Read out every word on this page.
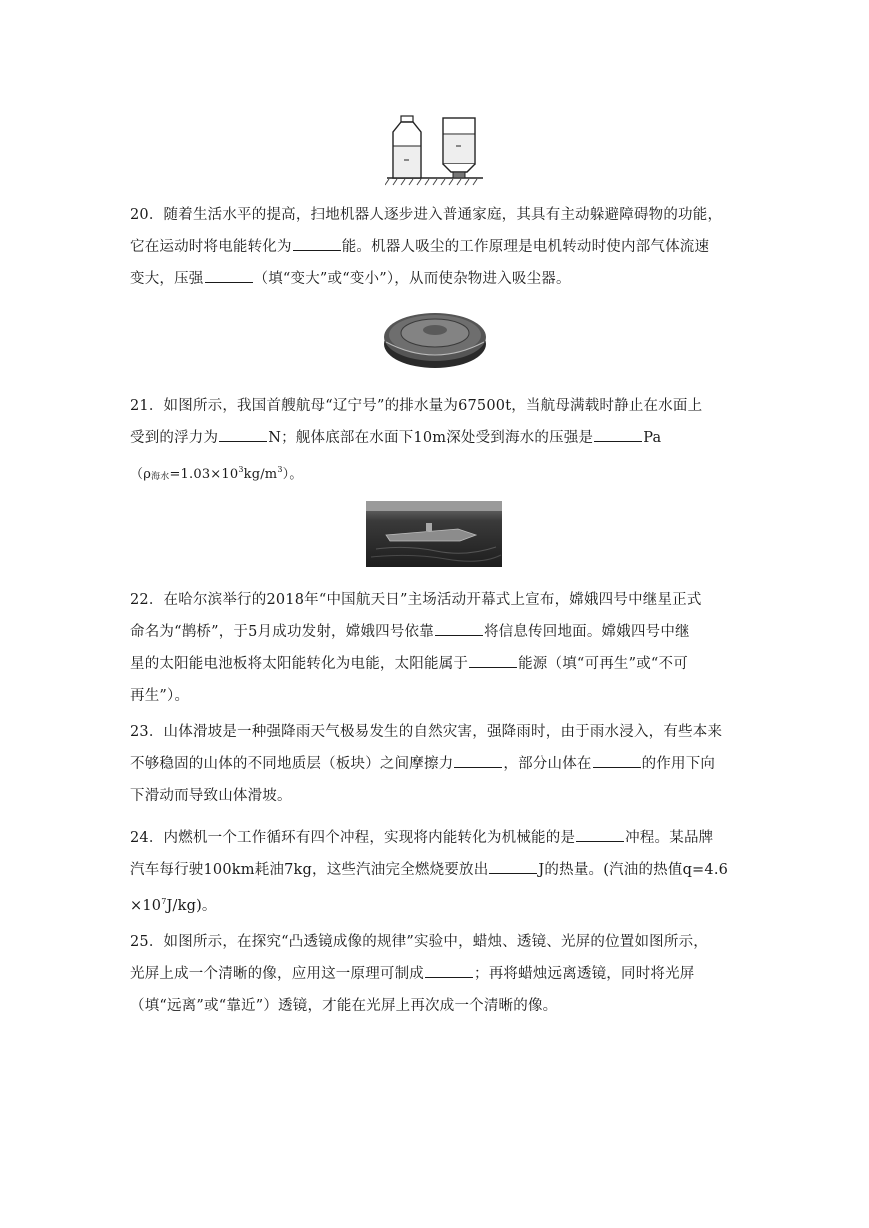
20．随着生活水平的提高，扫地机器人逐步进入普通家庭，其具有主动躲避障碍物的功能，

它在运动时将电能转化为	能。机器人吸尘的工作原理是电机转动时使内部气体流速

变大，压强	（填“变大”或“变小”），从而使杂物进入吸尘器。

21．如图所示，我国首艘航母“辽宁号”的排水量为67500t，当航母满载时静止在水面上

受到的浮力为	N；舰体底部在水面下10m深处受到海水的压强是	Pa

（ρ海水$=1.03\times 10^3kg/m^3$）。

22．在哈尔滨举行的2018年“中国航天日”主场活动开幕式上宣布，嫦娥四号中继星正式

命名为“鹊桥”，于5月成功发射，嫦娥四号依靠	将信息传回地面。嫦娥四号中继

星的太阳能电池板将太阳能转化为电能，太阳能属于	能源（填“可再生”或“不可

再生”）。

23．山体滑坡是一种强降雨天气极易发生的自然灾害，强降雨时，由于雨水浸入，有些本来

不够稳固的山体的不同地质层（板块）之间摩擦力	，部分山体在	的作用下向

下滑动而导致山体滑坡。

24．内燃机一个工作循环有四个冲程，实现将内能转化为机械能的是	冲程。某品牌

汽车每行驶100km耗油7kg，这些汽油完全燃烧要放出	J的热量。(汽油的热值q=4.6

$\times 10^7J/kg$)。

25．如图所示，在探究“凸透镜成像的规律”实验中，蜡烛、透镜、光屏的位置如图所示，

光屏上成一个清晰的像，应用这一原理可制成	；再将蜡烛远离透镜，同时将光屏

（填“远离”或“靠近”）透镜，才能在光屏上再次成一个清晰的像。
